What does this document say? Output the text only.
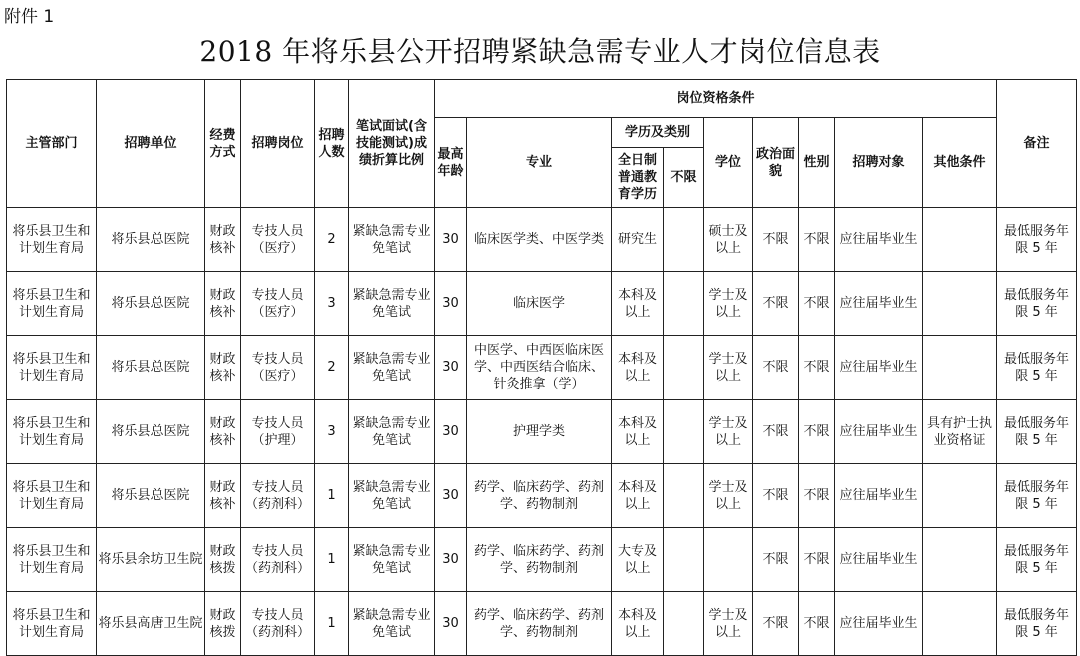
附件 1
2018 年将乐县公开招聘紧缺急需专业人才岗位信息表
主管部门	招聘单位	经费方式	招聘岗位	招聘人数	笔试面试(含技能测试)成绩折算比例	岗位资格条件									备注
						最高年龄	专业	学历及类别		学位	政治面貌	性别	招聘对象	其他条件	
								全日制普通教育学历	不限						
将乐县卫生和计划生育局	将乐县总医院	财政核补	专技人员（医疗）	2	紧缺急需专业免笔试	30	临床医学类、中医学类	研究生		硕士及以上	不限	不限	应往届毕业生		最低服务年限 5 年
将乐县卫生和计划生育局	将乐县总医院	财政核补	专技人员（医疗）	3	紧缺急需专业免笔试	30	临床医学	本科及以上		学士及以上	不限	不限	应往届毕业生		最低服务年限 5 年
将乐县卫生和计划生育局	将乐县总医院	财政核补	专技人员（医疗）	2	紧缺急需专业免笔试	30	中医学、中西医临床医学、中西医结合临床、针灸推拿（学）	本科及以上		学士及以上	不限	不限	应往届毕业生		最低服务年限 5 年
将乐县卫生和计划生育局	将乐县总医院	财政核补	专技人员（护理）	3	紧缺急需专业免笔试	30	护理学类	本科及以上		学士及以上	不限	不限	应往届毕业生	具有护士执业资格证	最低服务年限 5 年
将乐县卫生和计划生育局	将乐县总医院	财政核补	专技人员（药剂科）	1	紧缺急需专业免笔试	30	药学、临床药学、药剂学、药物制剂	本科及以上		学士及以上	不限	不限	应往届毕业生		最低服务年限 5 年
将乐县卫生和计划生育局	将乐县余坊卫生院	财政核拨	专技人员（药剂科）	1	紧缺急需专业免笔试	30	药学、临床药学、药剂学、药物制剂	大专及以上			不限	不限	应往届毕业生		最低服务年限 5 年
将乐县卫生和计划生育局	将乐县高唐卫生院	财政核拨	专技人员（药剂科）	1	紧缺急需专业免笔试	30	药学、临床药学、药剂学、药物制剂	本科及以上		学士及以上	不限	不限	应往届毕业生		最低服务年限 5 年
